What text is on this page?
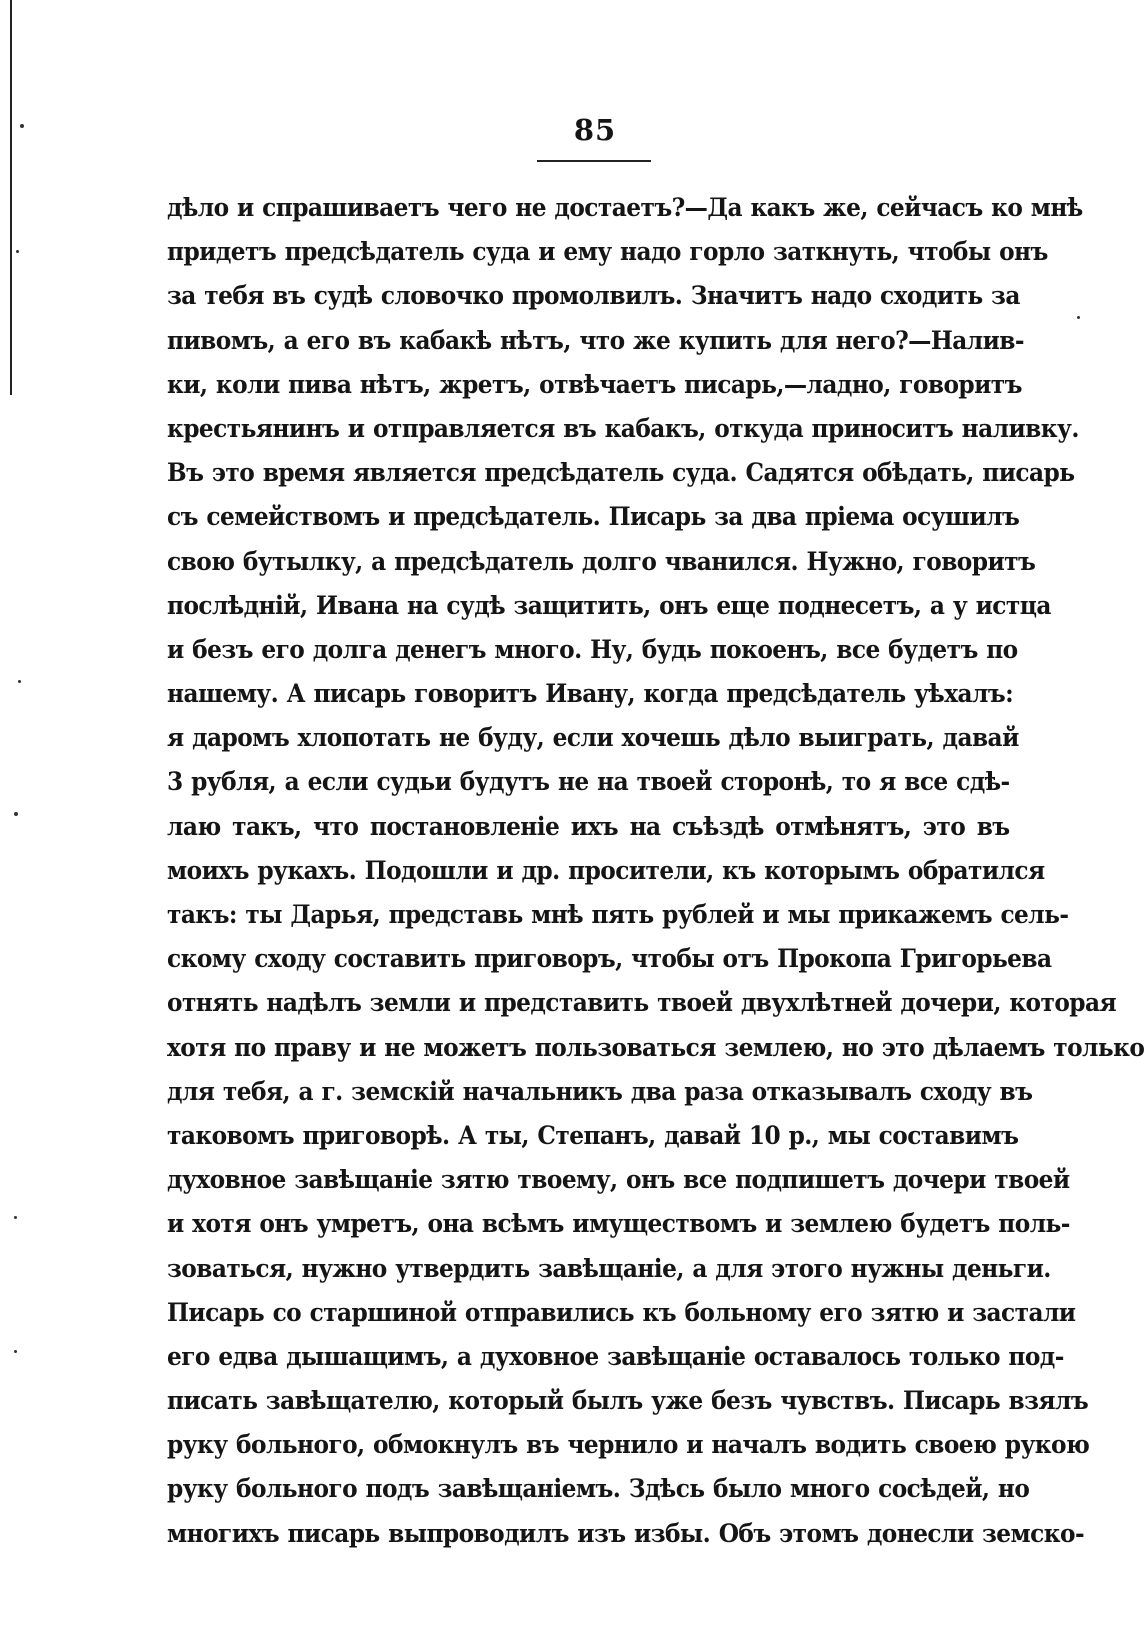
85
дѣло и спрашиваетъ чего не достаетъ?—Да какъ же, сейчасъ ко мнѣ
придетъ предсѣдатель суда и ему надо горло заткнуть, чтобы онъ
за тебя въ судѣ словочко промолвилъ. Значитъ надо сходить за
пивомъ, а его въ кабакѣ нѣтъ, что же купить для него?—Налив-
ки, коли пива нѣтъ, жретъ, отвѣчаетъ писарь,—ладно, говоритъ
крестьянинъ и отправляется въ кабакъ, откуда приноситъ наливку.
Въ это время является предсѣдатель суда. Садятся обѣдать, писарь
съ семействомъ и предсѣдатель. Писарь за два пріема осушилъ
свою бутылку, а предсѣдатель долго чванился. Нужно, говоритъ
послѣдній, Ивана на судѣ защитить, онъ еще поднесетъ, а у истца
и безъ его долга денегъ много. Ну, будь покоенъ, все будетъ по
нашему. А писарь говоритъ Ивану, когда предсѣдатель уѣхалъ:
я даромъ хлопотать не буду, если хочешь дѣло выиграть, давай
3 рубля, а если судьи будутъ не на твоей сторонѣ, то я все сдѣ-
лаю такъ, что постановленіе ихъ на съѣздѣ отмѣнятъ, это въ
моихъ рукахъ. Подошли и др. просители, къ которымъ обратился
такъ: ты Дарья, представь мнѣ пять рублей и мы прикажемъ сель-
скому сходу составить приговоръ, чтобы отъ Прокопа Григорьева
отнять надѣлъ земли и представить твоей двухлѣтней дочери, которая
хотя по праву и не можетъ пользоваться землею, но это дѣлаемъ только
для тебя, а г. земскій начальникъ два раза отказывалъ сходу въ
таковомъ приговорѣ. А ты, Степанъ, давай 10 р., мы составимъ
духовное завѣщаніе зятю твоему, онъ все подпишетъ дочери твоей
и хотя онъ умретъ, она всѣмъ имуществомъ и землею будетъ поль-
зоваться, нужно утвердить завѣщаніе, а для этого нужны деньги.
Писарь со старшиной отправились къ больному его зятю и застали
его едва дышащимъ, а духовное завѣщаніе оставалось только под-
писать завѣщателю, который былъ уже безъ чувствъ. Писарь взялъ
руку больного, обмокнулъ въ чернило и началъ водить своею рукою
руку больного подъ завѣщаніемъ. Здѣсь было много сосѣдей, но
многихъ писарь выпроводилъ изъ избы. Объ этомъ донесли земско-
